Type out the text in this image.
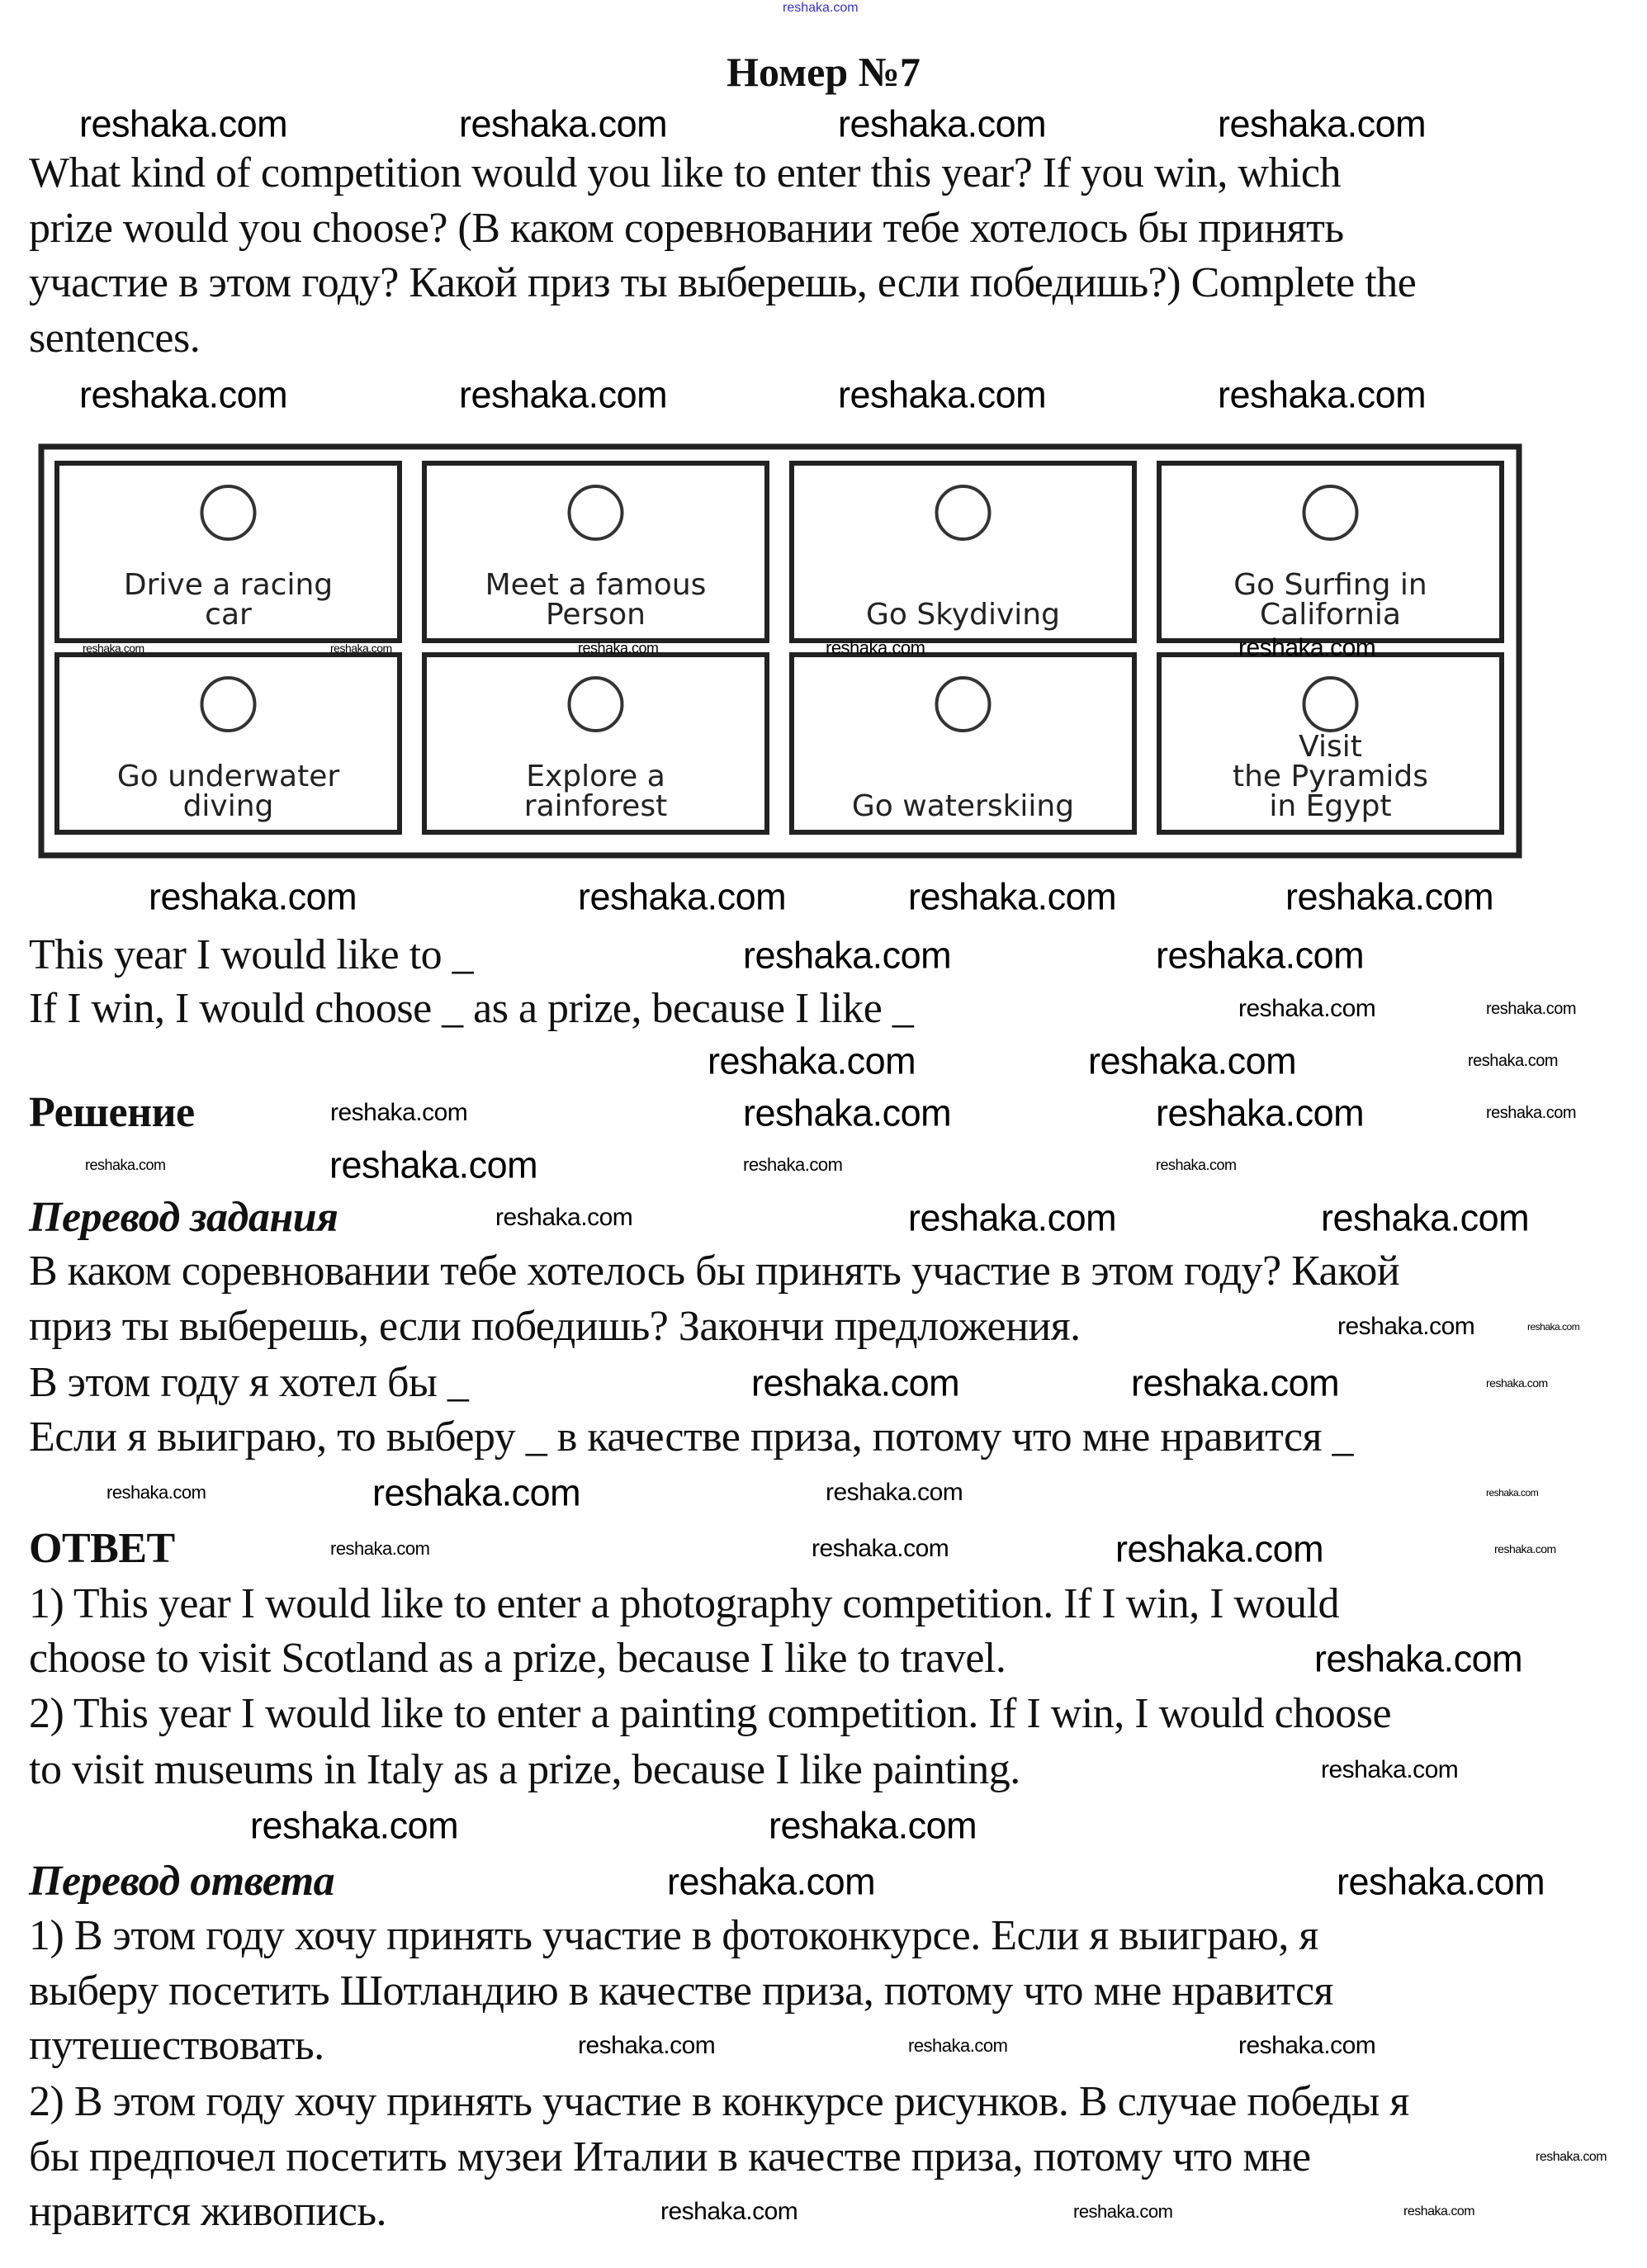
reshaka.com
Номер №7
What kind of competition would you like to enter this year? If you win, which
prize would you choose? (В каком соревновании тебе хотелось бы принять
участие в этом году? Какой приз ты выберешь, если победишь?) Complete the
sentences.
Drive a racing car
Meet a famous Person	Go Skydiving
Go Surfing in California
Go underwater diving
Explore a rainforest	Go waterskiing
Visit the Pyramids in Egypt
This year I would like to _
If I win, I would choose _ as a prize, because I like _
Решение
Перевод задания
В каком соревновании тебе хотелось бы принять участие в этом году? Какой
приз ты выберешь, если победишь? Закончи предложения.
В этом году я хотел бы _
Если я выиграю, то выберу _ в качестве приза, потому что мне нравится _
ОТВЕТ
1) This year I would like to enter a photography competition. If I win, I would
choose to visit Scotland as a prize, because I like to travel.
2) This year I would like to enter a painting competition. If I win, I would choose
to visit museums in Italy as a prize, because I like painting.
Перевод ответа
1) В этом году хочу принять участие в фотоконкурсе. Если я выиграю, я
выберу посетить Шотландию в качестве приза, потому что мне нравится
путешествовать.
2) В этом году хочу принять участие в конкурсе рисунков. В случае победы я
бы предпочел посетить музеи Италии в качестве приза, потому что мне
нравится живопись.
reshaka.com	reshaka.com	reshaka.com	reshaka.com
reshaka.com	reshaka.com	reshaka.com	reshaka.com
reshaka.com	reshaka.com	reshaka.com	reshaka.com	reshaka.com
reshaka.com	reshaka.com	reshaka.com	reshaka.com
reshaka.com	reshaka.com
reshaka.com	reshaka.com
reshaka.com	reshaka.com	reshaka.com
reshaka.com	reshaka.com	reshaka.com	reshaka.com
reshaka.com	reshaka.com	reshaka.com	reshaka.com
reshaka.com	reshaka.com	reshaka.com
reshaka.com	reshaka.com
reshaka.com	reshaka.com	reshaka.com
reshaka.com	reshaka.com	reshaka.com	reshaka.com
reshaka.com	reshaka.com	reshaka.com	reshaka.com
reshaka.com
reshaka.com
reshaka.com	reshaka.com
reshaka.com	reshaka.com
reshaka.com	reshaka.com	reshaka.com
reshaka.com
reshaka.com	reshaka.com	reshaka.com
